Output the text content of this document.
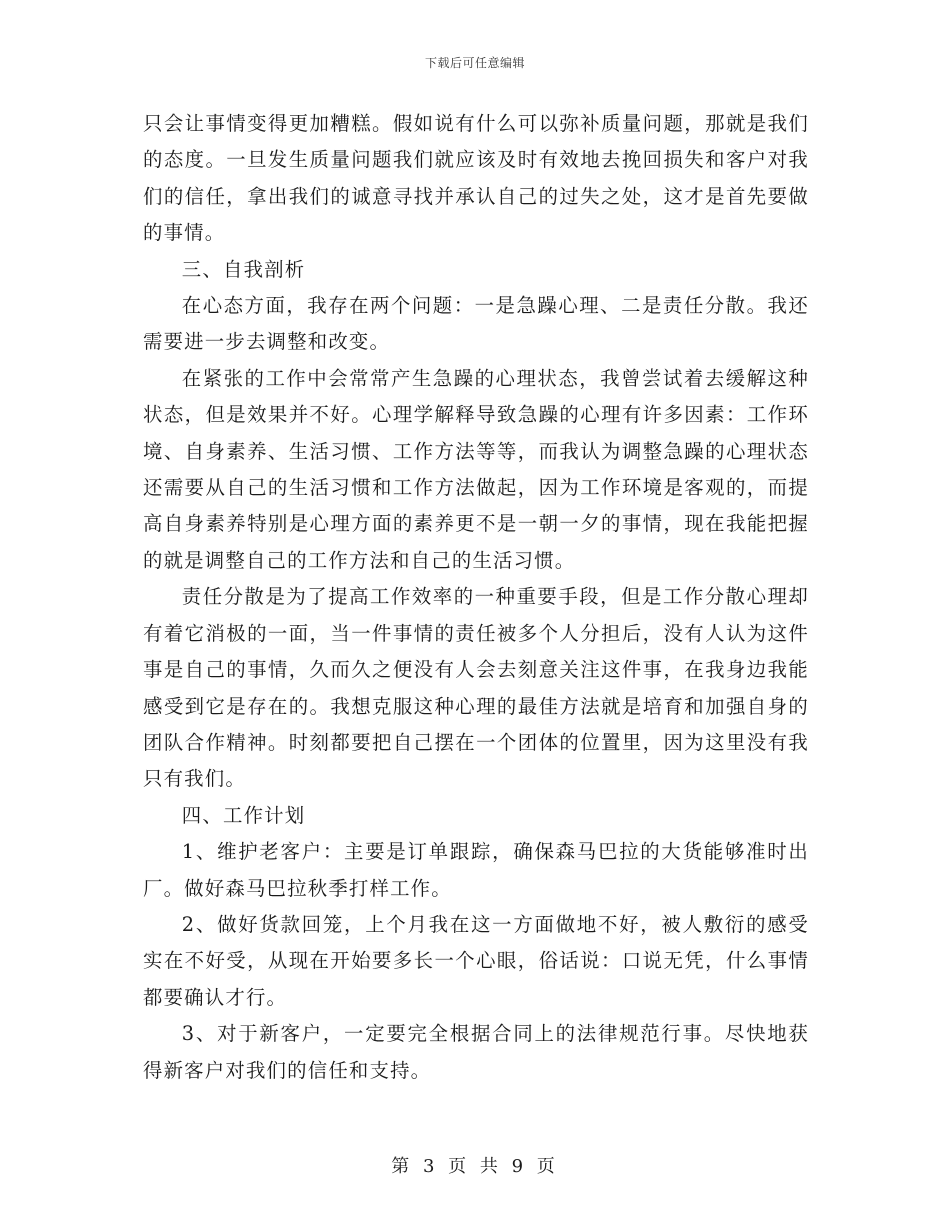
下载后可任意编辑

只会让事情变得更加糟糕。假如说有什么可以弥补质量问题，那就是我们的态度。一旦发生质量问题我们就应该及时有效地去挽回损失和客户对我们的信任，拿出我们的诚意寻找并承认自己的过失之处，这才是首先要做的事情。

三、自我剖析

在心态方面，我存在两个问题：一是急躁心理、二是责任分散。我还需要进一步去调整和改变。

在紧张的工作中会常常产生急躁的心理状态，我曾尝试着去缓解这种状态，但是效果并不好。心理学解释导致急躁的心理有许多因素：工作环境、自身素养、生活习惯、工作方法等等，而我认为调整急躁的心理状态还需要从自己的生活习惯和工作方法做起，因为工作环境是客观的，而提高自身素养特别是心理方面的素养更不是一朝一夕的事情，现在我能把握的就是调整自己的工作方法和自己的生活习惯。

责任分散是为了提高工作效率的一种重要手段，但是工作分散心理却有着它消极的一面，当一件事情的责任被多个人分担后，没有人认为这件事是自己的事情，久而久之便没有人会去刻意关注这件事，在我身边我能感受到它是存在的。我想克服这种心理的最佳方法就是培育和加强自身的团队合作精神。时刻都要把自己摆在一个团体的位置里，因为这里没有我只有我们。

四、工作计划

1、维护老客户：主要是订单跟踪，确保森马巴拉的大货能够准时出厂。做好森马巴拉秋季打样工作。

2、做好货款回笼，上个月我在这一方面做地不好，被人敷衍的感受实在不好受，从现在开始要多长一个心眼，俗话说：口说无凭，什么事情都要确认才行。

3、对于新客户，一定要完全根据合同上的法律规范行事。尽快地获得新客户对我们的信任和支持。

第 3 页 共 9 页
